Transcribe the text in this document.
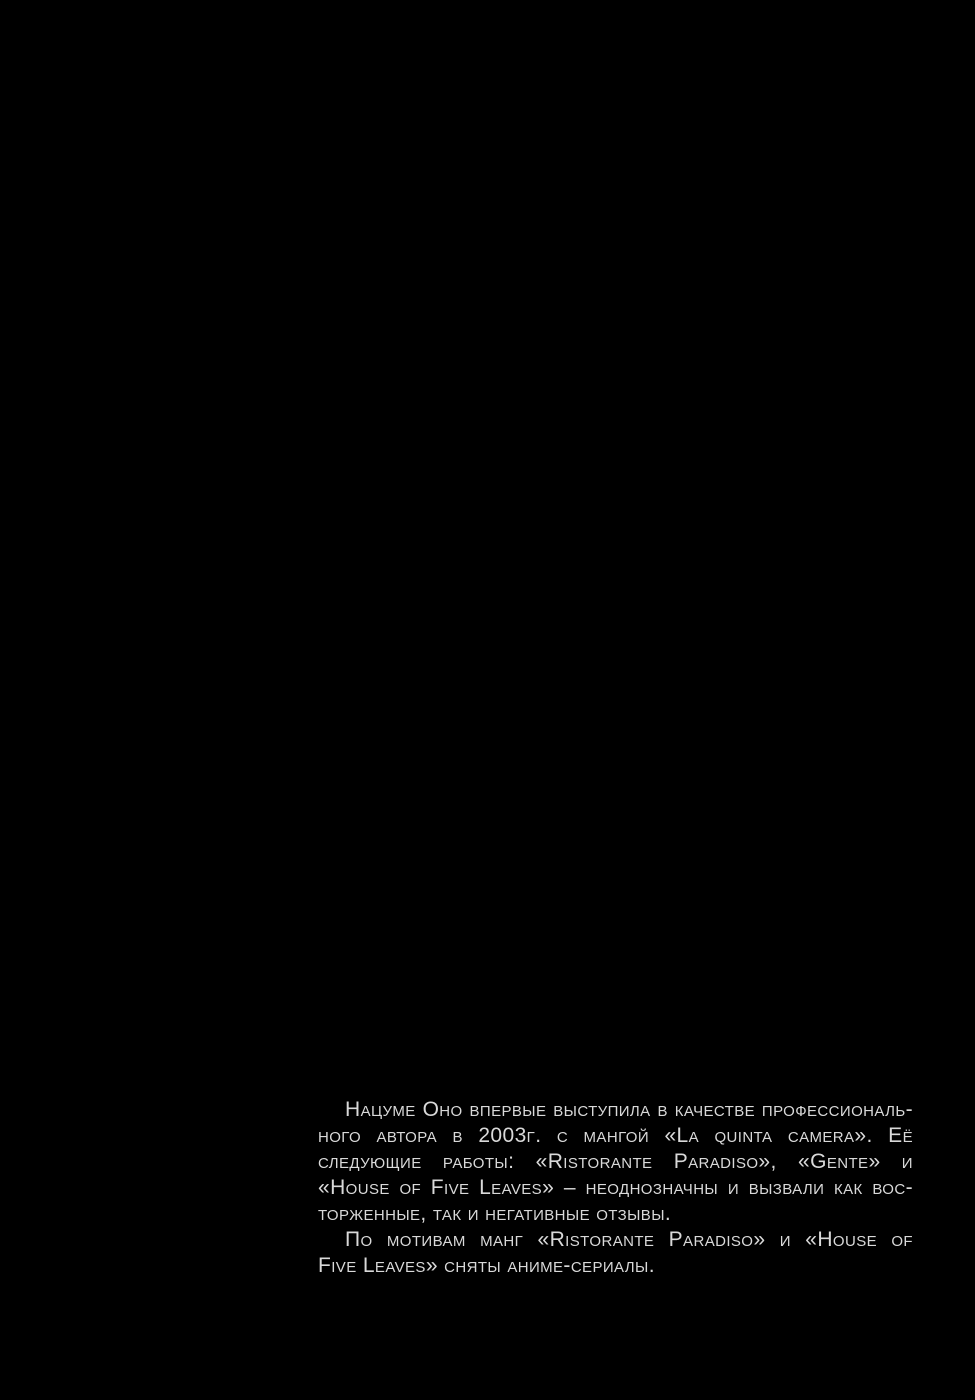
Нацуме Оно впервые выступила в качестве профессиональ-
ного автора в 2003г. с мангой «La quinta camera». Её
следующие работы: «Ristorante Paradiso», «Gente» и
«House of Five Leaves» – неоднозначны и вызвали как вос-
торженные, так и негативные отзывы.
По мотивам манг «Ristorante Paradiso» и «House of
Five Leaves» сняты аниме-сериалы.
